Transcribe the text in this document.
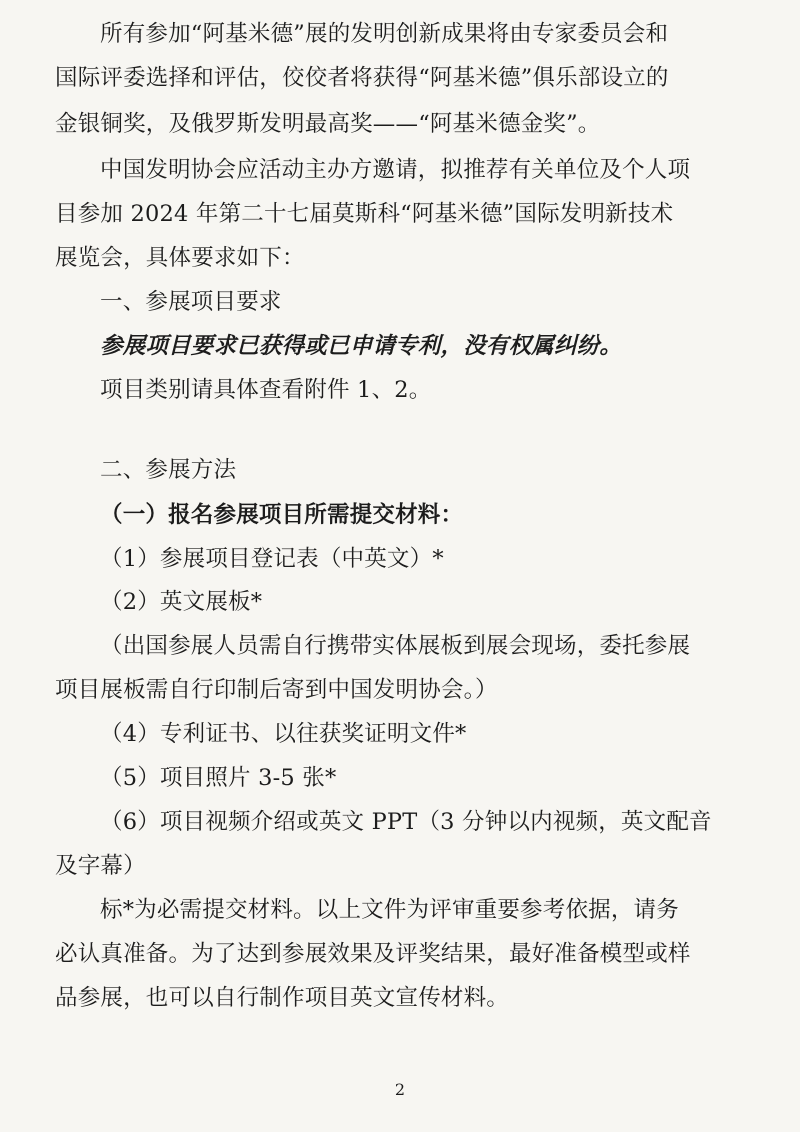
所有参加“阿基米德”展的发明创新成果将由专家委员会和
国际评委选择和评估，佼佼者将获得“阿基米德”俱乐部设立的
金银铜奖，及俄罗斯发明最高奖——“阿基米德金奖”。
中国发明协会应活动主办方邀请，拟推荐有关单位及个人项
目参加 2024 年第二十七届莫斯科“阿基米德”国际发明新技术
展览会，具体要求如下：
一、参展项目要求
参展项目要求已获得或已申请专利，没有权属纠纷。
项目类别请具体查看附件 1、2。
二、参展方法
（一）报名参展项目所需提交材料：
（1）参展项目登记表（中英文）*
（2）英文展板*
（出国参展人员需自行携带实体展板到展会现场，委托参展
项目展板需自行印制后寄到中国发明协会。）
（4）专利证书、以往获奖证明文件*
（5）项目照片 3-5 张*
（6）项目视频介绍或英文 PPT（3 分钟以内视频，英文配音
及字幕）
标*为必需提交材料。以上文件为评审重要参考依据，请务
必认真准备。为了达到参展效果及评奖结果，最好准备模型或样
品参展，也可以自行制作项目英文宣传材料。
2
